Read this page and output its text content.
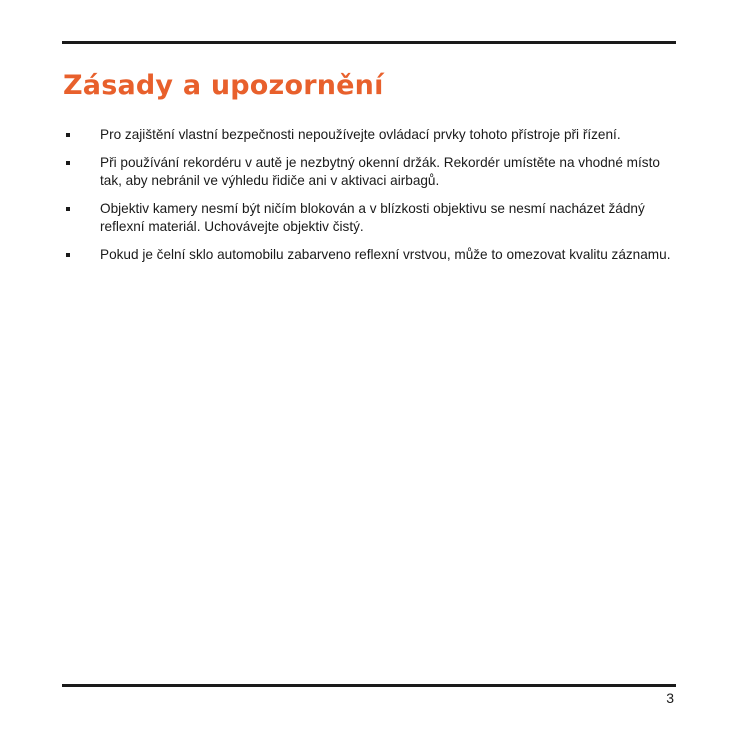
Zásady a upozornění
Pro zajištění vlastní bezpečnosti nepoužívejte ovládací prvky tohoto přístroje při řízení.
Při používání rekordéru v autě je nezbytný okenní držák. Rekordér umístěte na vhodné místo tak, aby nebránil ve výhledu řidiče ani v aktivaci airbagů.
Objektiv kamery nesmí být ničím blokován a v blízkosti objektivu se nesmí nacházet žádný reflexní materiál. Uchovávejte objektiv čistý.
Pokud je čelní sklo automobilu zabarveno reflexní vrstvou, může to omezovat kvalitu záznamu.
3
